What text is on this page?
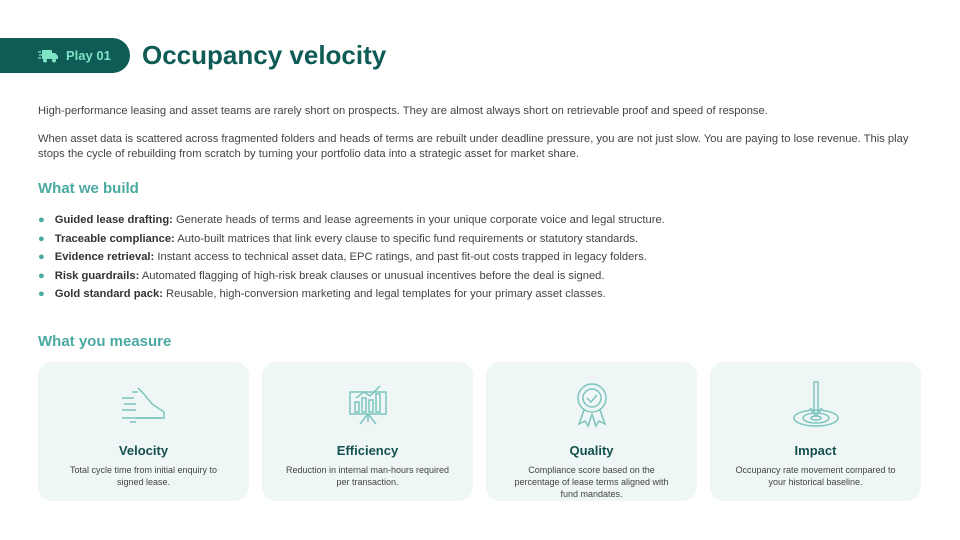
Play 01 Occupancy velocity
High-performance leasing and asset teams are rarely short on prospects. They are almost always short on retrievable proof and speed of response.
When asset data is scattered across fragmented folders and heads of terms are rebuilt under deadline pressure, you are not just slow. You are paying to lose revenue. This play stops the cycle of rebuilding from scratch by turning your portfolio data into a strategic asset for market share.
What we build
● Guided lease drafting: Generate heads of terms and lease agreements in your unique corporate voice and legal structure.
● Traceable compliance: Auto-built matrices that link every clause to specific fund requirements or statutory standards.
● Evidence retrieval: Instant access to technical asset data, EPC ratings, and past fit-out costs trapped in legacy folders.
● Risk guardrails: Automated flagging of high-risk break clauses or unusual incentives before the deal is signed.
● Gold standard pack: Reusable, high-conversion marketing and legal templates for your primary asset classes.
What you measure
Velocity

Total cycle time from initial enquiry to signed lease.

Efficiency

Reduction in internal man-hours required per transaction.

Quality

Compliance score based on the percentage of lease terms aligned with fund mandates.

Impact

Occupancy rate movement compared to your historical baseline.
